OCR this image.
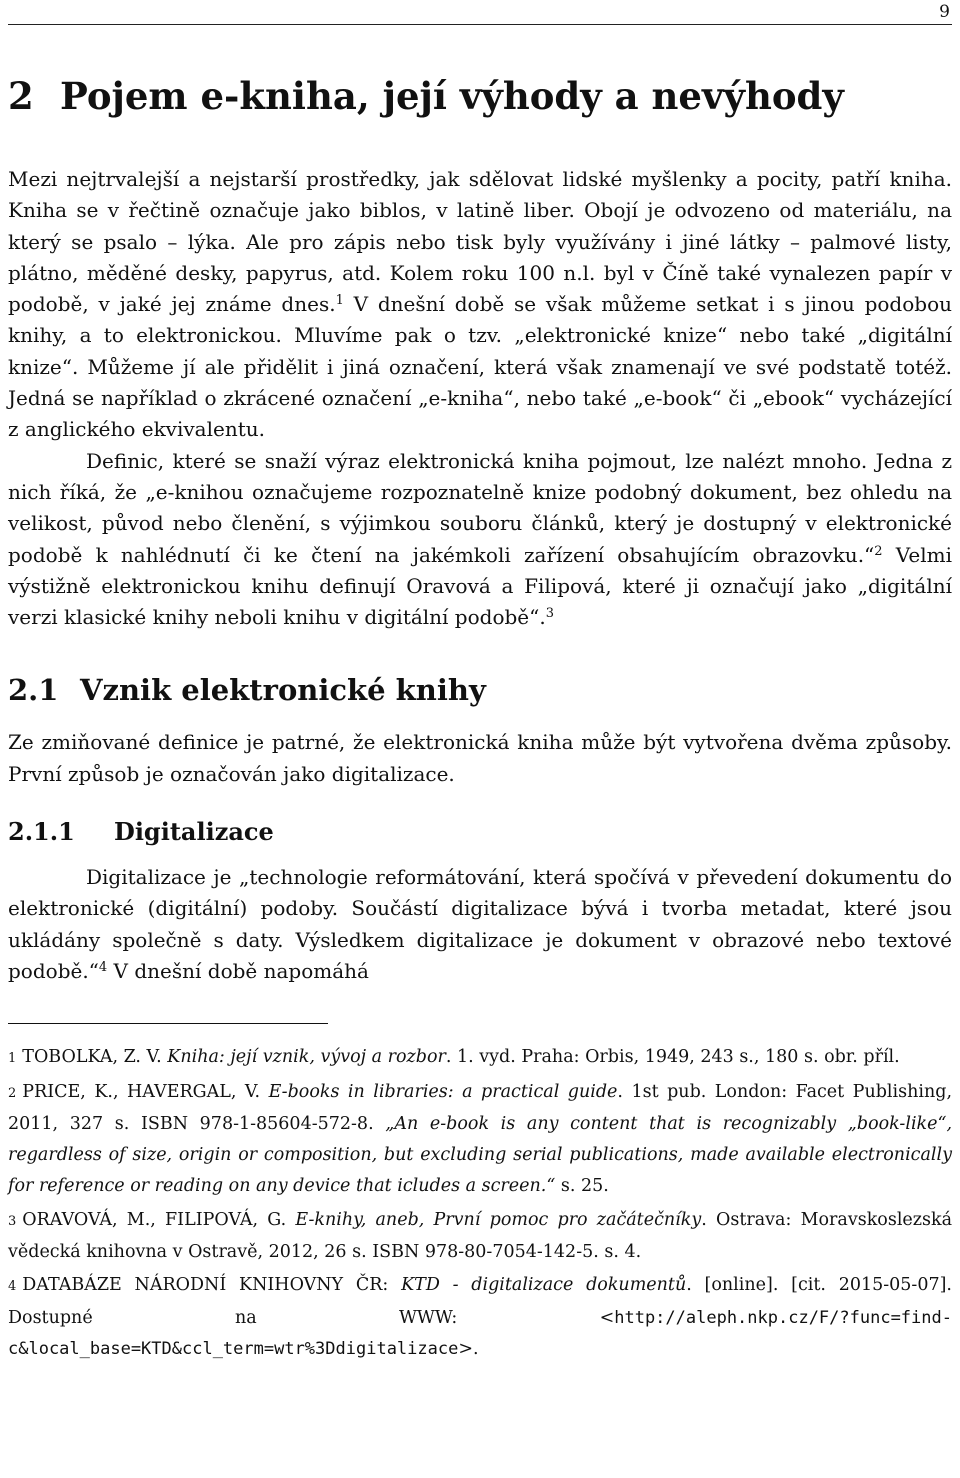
9
2 Pojem e-kniha, její výhody a nevýhody

Mezi nejtrvalejší a nejstarší prostředky, jak sdělovat lidské myšlenky a pocity, patří kniha. Kniha se v řečtině označuje jako biblos, v latině liber. Obojí je odvozeno od materiálu, na který se psalo – lýka. Ale pro zápis nebo tisk byly využívány i jiné látky – palmové listy, plátno, měděné desky, papyrus, atd. Kolem roku 100 n.l. byl v Číně také vynalezen papír v podobě, v jaké jej známe dnes.$^1$ V dnešní době se však můžeme setkat i s jinou podobou knihy, a to elektronickou. Mluvíme pak o tzv. „elektronické knize“ nebo také „digitální knize“. Můžeme jí ale přidělit i jiná označení, která však znamenají ve své podstatě totéž. Jedná se například o zkrácené označení „e-kniha“, nebo také „e-book“ či „ebook“ vycházející z anglického ekvivalentu.

Definic, které se snaží výraz elektronická kniha pojmout, lze nalézt mnoho. Jedna z nich říká, že „e-knihou označujeme rozpoznatelně knize podobný dokument, bez ohledu na velikost, původ nebo členění, s výjimkou souboru článků, který je dostupný v elektronické podobě k nahlédnutí či ke čtení na jakémkoli zařízení obsahujícím obrazovku.“$^2$ Velmi výstižně elektronickou knihu definují Oravová a Filipová, které ji označují jako „digitální verzi klasické knihy neboli knihu v digitální podobě“.$^3$

2.1 Vznik elektronické knihy

Ze zmiňované definice je patrné, že elektronická kniha může být vytvořena dvěma způsoby. První způsob je označován jako digitalizace.

2.1.1 Digitalizace

Digitalizace je „technologie reformátování, která spočívá v převedení dokumentu do elektronické (digitální) podoby. Součástí digitalizace bývá i tvorba metadat, které jsou ukládány společně s daty. Výsledkem digitalizace je dokument v obrazové nebo textové podobě.“$^4$ V dnešní době napomáhá

1 TOBOLKA, Z. V. Kniha: její vznik, vývoj a rozbor. 1. vyd. Praha: Orbis, 1949, 243 s., 180 s. obr. příl.
2 PRICE, K., HAVERGAL, V. E-books in libraries: a practical guide. 1st pub. London: Facet Publishing, 2011, 327 s. ISBN 978-1-85604-572-8. „An e-book is any content that is recognizably „book-like“, regardless of size, origin or composition, but excluding serial publications, made available electronically for reference or reading on any device that icludes a screen.“ s. 25.
3 ORAVOVÁ, M., FILIPOVÁ, G. E-knihy, aneb, První pomoc pro začátečníky. Ostrava: Moravskoslezská vědecká knihovna v Ostravě, 2012, 26 s. ISBN 978-80-7054-142-5. s. 4.
4 DATABÁZE NÁRODNÍ KNIHOVNY ČR: KTD - digitalizace dokumentů. [online]. [cit. 2015-05-07]. Dostupné na WWW: <http://aleph.nkp.cz/F/?func=find-c&local_base=KTD&ccl_term=wtr%3Ddigitalizace>.
